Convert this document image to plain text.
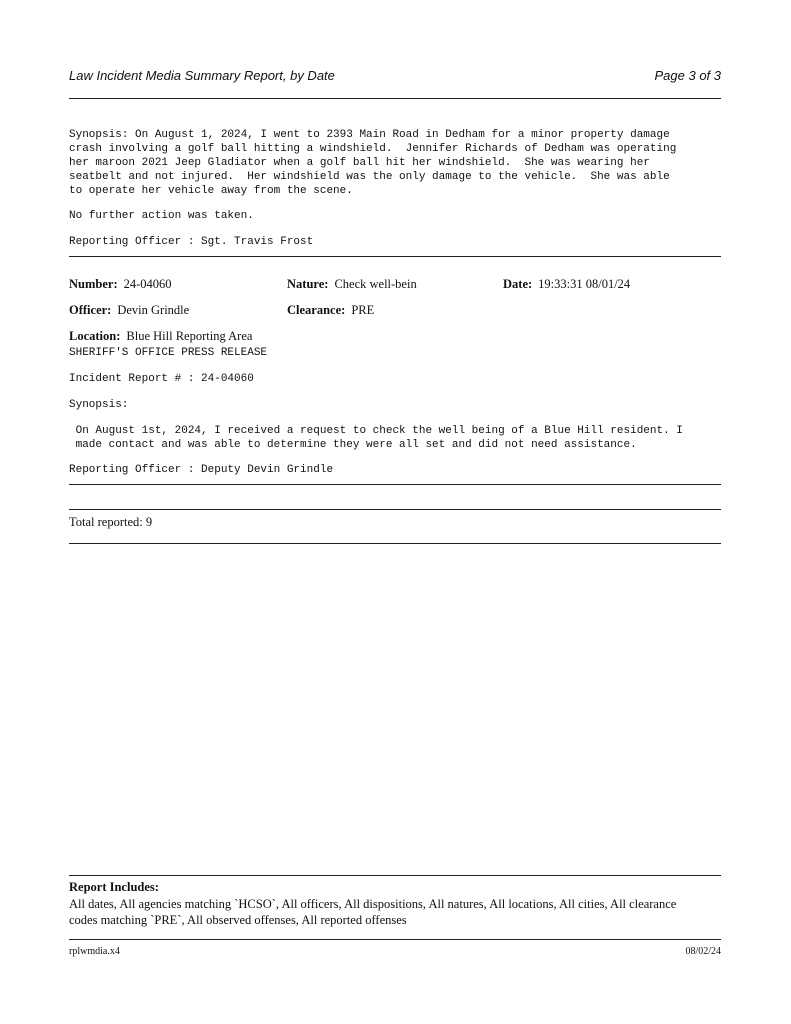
Law Incident Media Summary Report, by Date	Page 3 of 3
Synopsis: On August 1, 2024, I went to 2393 Main Road in Dedham for a minor property damage
crash involving a golf ball hitting a windshield.  Jennifer Richards of Dedham was operating
her maroon 2021 Jeep Gladiator when a golf ball hit her windshield.  She was wearing her
seatbelt and not injured.  Her windshield was the only damage to the vehicle.  She was able
to operate her vehicle away from the scene.
No further action was taken.
Reporting Officer : Sgt. Travis Frost
Number: 24-04060	Nature: Check well-bein	Date: 19:33:31 08/01/24
Officer: Devin Grindle	Clearance: PRE
Location: Blue Hill Reporting Area
SHERIFF'S OFFICE PRESS RELEASE
Incident Report # : 24-04060
Synopsis:
On August 1st, 2024, I received a request to check the well being of a Blue Hill resident. I
made contact and was able to determine they were all set and did not need assistance.
Reporting Officer : Deputy Devin Grindle
Total reported: 9
Report Includes:
All dates, All agencies matching `HCSO`, All officers, All dispositions, All natures, All locations, All cities, All clearance
codes matching `PRE`, All observed offenses, All reported offenses
rplwmdia.x4	08/02/24
